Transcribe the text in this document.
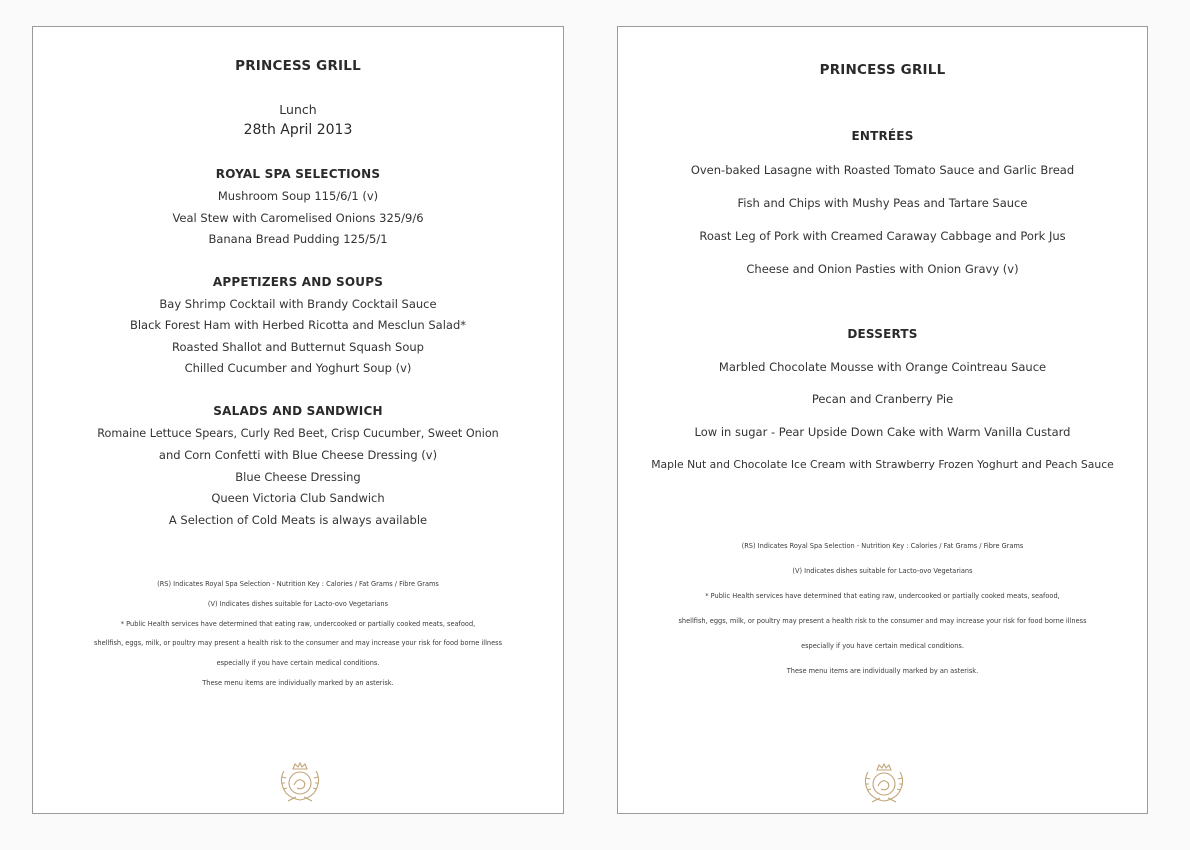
PRINCESS GRILL
Lunch
28th April 2013
ROYAL SPA SELECTIONS
Mushroom Soup 115/6/1 (v)
Veal Stew with Caromelised Onions 325/9/6
Banana Bread Pudding 125/5/1
APPETIZERS AND SOUPS
Bay Shrimp Cocktail with Brandy Cocktail Sauce
Black Forest Ham with Herbed Ricotta and Mesclun Salad*
Roasted Shallot and Butternut Squash Soup
Chilled Cucumber and Yoghurt Soup (v)
SALADS AND SANDWICH
Romaine Lettuce Spears, Curly Red Beet, Crisp Cucumber, Sweet Onion
and Corn Confetti with Blue Cheese Dressing (v)
Blue Cheese Dressing
Queen Victoria Club Sandwich
A Selection of Cold Meats is always available
(RS) Indicates Royal Spa Selection - Nutrition Key : Calories / Fat Grams / Fibre Grams
(V) Indicates dishes suitable for Lacto-ovo Vegetarians
* Public Health services have determined that eating raw, undercooked or partially cooked meats, seafood,
shellfish, eggs, milk, or poultry may present a health risk to the consumer and may increase your risk for food borne illness
especially if you have certain medical conditions.
These menu items are individually marked by an asterisk.
PRINCESS GRILL
ENTRÉES
Oven-baked Lasagne with Roasted Tomato Sauce and Garlic Bread
Fish and Chips with Mushy Peas and Tartare Sauce
Roast Leg of Pork with Creamed Caraway Cabbage and Pork Jus
Cheese and Onion Pasties with Onion Gravy (v)
DESSERTS
Marbled Chocolate Mousse with Orange Cointreau Sauce
Pecan and Cranberry Pie
Low in sugar - Pear Upside Down Cake with Warm Vanilla Custard
Maple Nut and Chocolate Ice Cream with Strawberry Frozen Yoghurt and Peach Sauce
(RS) Indicates Royal Spa Selection - Nutrition Key : Calories / Fat Grams / Fibre Grams
(V) Indicates dishes suitable for Lacto-ovo Vegetarians
* Public Health services have determined that eating raw, undercooked or partially cooked meats, seafood,
shellfish, eggs, milk, or poultry may present a health risk to the consumer and may increase your risk for food borne illness
especially if you have certain medical conditions.
These menu items are individually marked by an asterisk.
